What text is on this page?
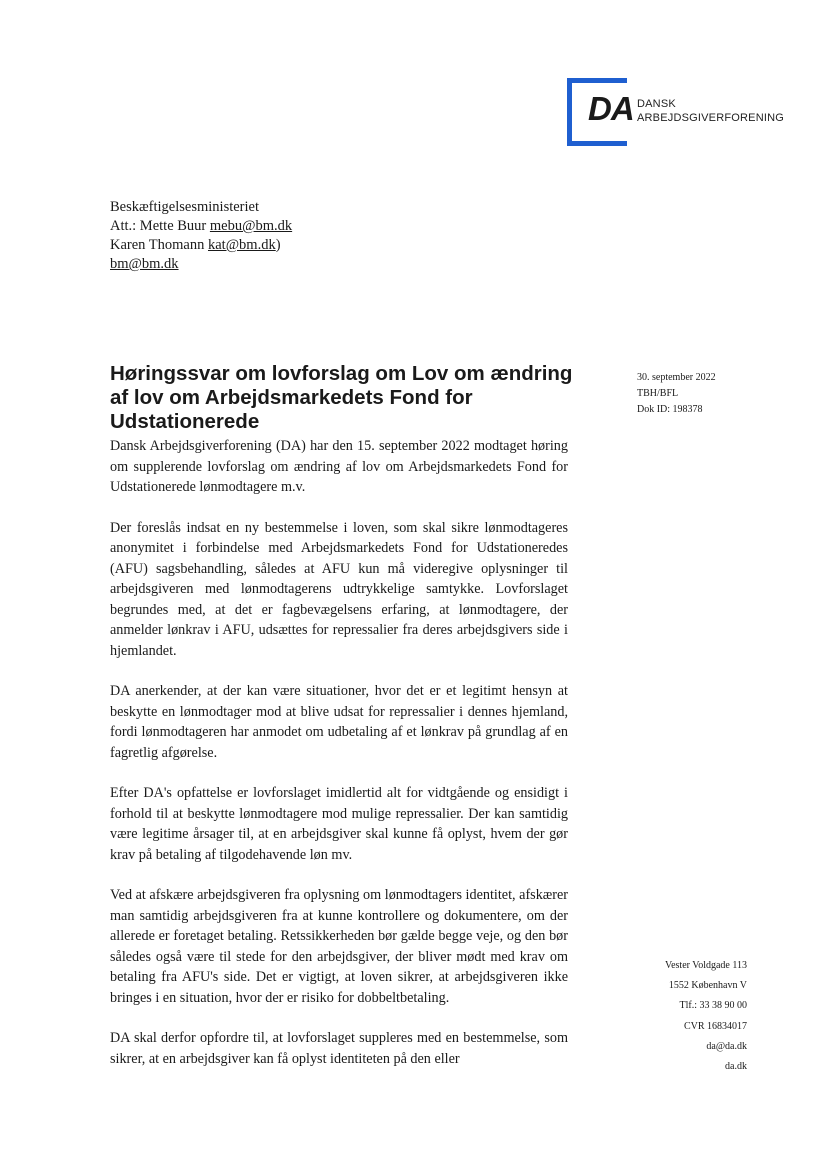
DA DANSK
ARBEJDSGIVERFORENING
Beskæftigelsesministeriet
Att.: Mette Buur mebu@bm.dk
Karen Thomann kat@bm.dk)
bm@bm.dk
30. september 2022
TBH/BFL
Dok ID: 198378
Høringssvar om lovforslag om Lov om ændring af lov om Arbejdsmarkedets Fond for Udstationerede

Dansk Arbejdsgiverforening (DA) har den 15. september 2022 modtaget høring om supplerende lovforslag om ændring af lov om Arbejdsmarkedets Fond for Udstationerede lønmodtagere m.v.

Der foreslås indsat en ny bestemmelse i loven, som skal sikre lønmodtageres anonymitet i forbindelse med Arbejdsmarkedets Fond for Udstationeredes (AFU) sagsbehandling, således at AFU kun må videregive oplysninger til arbejdsgiveren med lønmodtagerens udtrykkelige samtykke. Lovforslaget begrundes med, at det er fagbevægelsens erfaring, at lønmodtagere, der anmelder lønkrav i AFU, udsættes for repressalier fra deres arbejdsgivers side i hjemlandet.

DA anerkender, at der kan være situationer, hvor det er et legitimt hensyn at beskytte en lønmodtager mod at blive udsat for repressalier i dennes hjemland, fordi lønmodtageren har anmodet om udbetaling af et lønkrav på grundlag af en fagretlig afgørelse.

Efter DA's opfattelse er lovforslaget imidlertid alt for vidtgående og ensidigt i forhold til at beskytte lønmodtagere mod mulige repressalier. Der kan samtidig være legitime årsager til, at en arbejdsgiver skal kunne få oplyst, hvem der gør krav på betaling af tilgodehavende løn mv.

Ved at afskære arbejdsgiveren fra oplysning om lønmodtagers identitet, afskærer man samtidig arbejdsgiveren fra at kunne kontrollere og dokumentere, om der allerede er foretaget betaling. Retssikkerheden bør gælde begge veje, og den bør således også være til stede for den arbejdsgiver, der bliver mødt med krav om betaling fra AFU's side. Det er vigtigt, at loven sikrer, at arbejdsgiveren ikke bringes i en situation, hvor der er risiko for dobbeltbetaling.

DA skal derfor opfordre til, at lovforslaget suppleres med en bestemmelse, som sikrer, at en arbejdsgiver kan få oplyst identiteten på den eller

Vester Voldgade 113
1552 København V
Tlf.: 33 38 90 00
CVR 16834017
da@da.dk
da.dk
